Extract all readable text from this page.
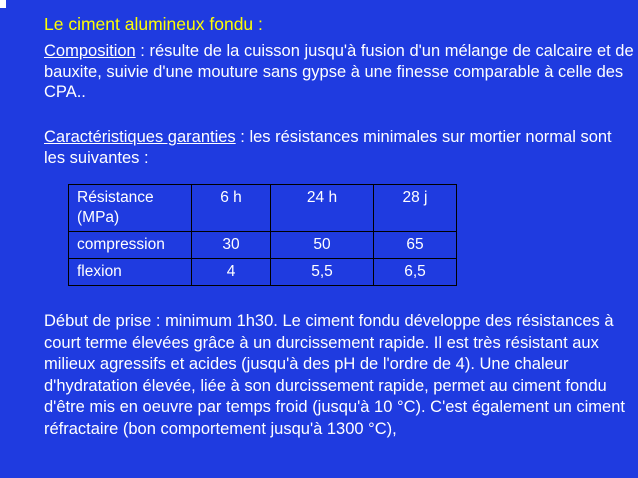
Le ciment alumineux fondu :
Composition : résulte de la cuisson jusqu'à fusion d'un mélange de calcaire et de bauxite, suivie d'une mouture sans gypse à une finesse comparable à celle des CPA..
Caractéristiques garanties : les résistances minimales sur mortier normal sont les suivantes :
Résistance (MPa)	6 h	24 h	28 j
compression	30	50	65
flexion	4	5,5	6,5
Début de prise : minimum 1h30. Le ciment fondu développe des résistances à court terme élevées grâce à un durcissement rapide. Il est très résistant aux milieux agressifs et acides (jusqu'à des pH de l'ordre de 4). Une chaleur d'hydratation élevée, liée à son durcissement rapide, permet au ciment fondu d'être mis en oeuvre par temps froid (jusqu'à 10 °C). C'est également un ciment réfractaire (bon comportement jusqu'à 1300 °C),
